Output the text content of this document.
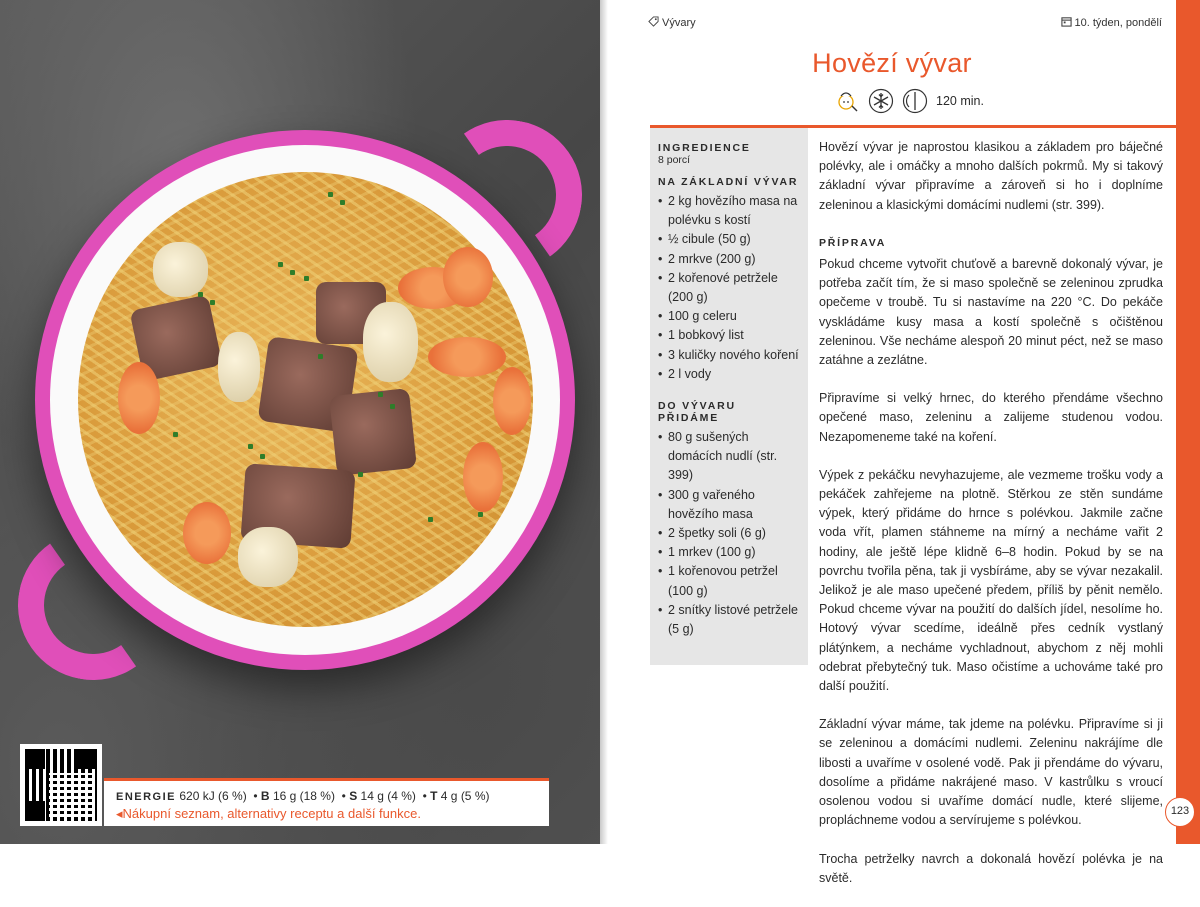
ENERGIE 620 kJ (6 %)  • B 16 g (18 %)  • S 14 g (4 %)  • T 4 g (5 %)
◂Nákupní seznam, alternativy receptu a další funkce.
Vývary	10. týden, pondělí
Hovězí vývar
120 min.
INGREDIENCE
8 porcí
NA ZÁKLADNÍ VÝVAR
• 2 kg hovězího masa na polévku s kostí
• ½ cibule (50 g)
• 2 mrkve (200 g)
• 2 kořenové petržele (200 g)
• 100 g celeru
• 1 bobkový list
• 3 kuličky nového koření
• 2 l vody
DO VÝVARU PŘIDÁME
• 80 g sušených domácích nudlí (str. 399)
• 300 g vařeného hovězího masa
• 2 špetky soli (6 g)
• 1 mrkev (100 g)
• 1 kořenovou petržel (100 g)
• 2 snítky listové petržele (5 g)

Hovězí vývar je naprostou klasikou a základem pro báječné polévky, ale i omáčky a mnoho dalších pokrmů. My si takový základní vývar připravíme a zároveň si ho i doplníme zeleninou a klasickými domácími nudlemi (str. 399).

PŘÍPRAVA

Pokud chceme vytvořit chuťově a barevně dokonalý vývar, je potřeba začít tím, že si maso společně se zeleninou zprudka opečeme v troubě. Tu si nastavíme na 220 °C. Do pekáče vyskládáme kusy masa a kostí společně s očištěnou zeleninou. Vše necháme alespoň 20 minut péct, než se maso zatáhne a zezlátne.

Připravíme si velký hrnec, do kterého přendáme všechno opečené maso, zeleninu a zalijeme studenou vodou. Nezapomeneme také na koření.

Výpek z pekáčku nevyhazujeme, ale vezmeme trošku vody a pekáček zahřejeme na plotně. Stěrkou ze stěn sundáme výpek, který přidáme do hrnce s polévkou. Jakmile začne voda vřít, plamen stáhneme na mírný a necháme vařit 2 hodiny, ale ještě lépe klidně 6–8 hodin. Pokud by se na povrchu tvořila pěna, tak ji vysbíráme, aby se vývar nezakalil. Jelikož je ale maso upečené předem, příliš by pěnit nemělo. Pokud chceme vývar na použití do dalších jídel, nesolíme ho. Hotový vývar scedíme, ideálně přes cedník vystlaný plátýnkem, a necháme vychladnout, abychom z něj mohli odebrat přebytečný tuk. Maso očistíme a uchováme také pro další použití.

Základní vývar máme, tak jdeme na polévku. Připravíme si ji se zeleninou a domácími nudlemi. Zeleninu nakrájíme dle libosti a uvaříme v osolené vodě. Pak ji přendáme do vývaru, dosolíme a přidáme nakrájené maso. V kastrůlku s vroucí osolenou vodou si uvaříme domácí nudle, které slijeme, propláchneme vodou a servírujeme s polévkou.

Trocha petrželky navrch a dokonalá hovězí polévka je na světě.

123
